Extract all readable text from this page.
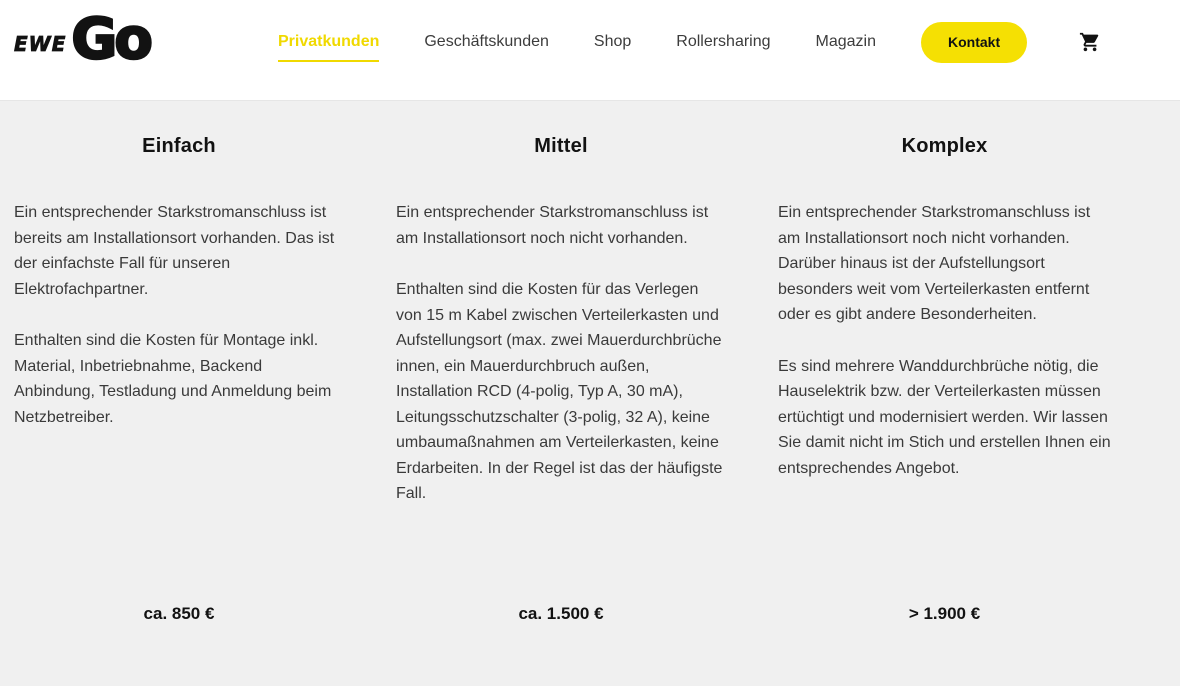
EWE Go	Privatkunden	Geschäftskunden	Shop	Rollersharing	Magazin	Kontakt
Einfach

Ein entsprechender Starkstromanschluss ist bereits am Installationsort vorhanden. Das ist der einfachste Fall für unseren Elektrofachpartner.

Enthalten sind die Kosten für Montage inkl. Material, Inbetriebnahme, Backend Anbindung, Testladung und Anmeldung beim Netzbetreiber.

ca. 850 €
Mittel

Ein entsprechender Starkstromanschluss ist am Installationsort noch nicht vorhanden.

Enthalten sind die Kosten für das Verlegen von 15 m Kabel zwischen Verteilerkasten und Aufstellungsort (max. zwei Mauerdurchbrüche innen, ein Mauerdurchbruch außen, Installation RCD (4-polig, Typ A, 30 mA), Leitungsschutzschalter (3-polig, 32 A), keine umbaumaßnahmen am Verteilerkasten, keine Erdarbeiten. In der Regel ist das der häufigste Fall.

ca. 1.500 €
Komplex

Ein entsprechender Starkstromanschluss ist am Installationsort noch nicht vorhanden. Darüber hinaus ist der Aufstellungsort besonders weit vom Verteilerkasten entfernt oder es gibt andere Besonderheiten.

Es sind mehrere Wanddurchbrüche nötig, die Hauselektrik bzw. der Verteilerkasten müssen ertüchtigt und modernisiert werden. Wir lassen Sie damit nicht im Stich und erstellen Ihnen ein entsprechendes Angebot.

> 1.900 €
